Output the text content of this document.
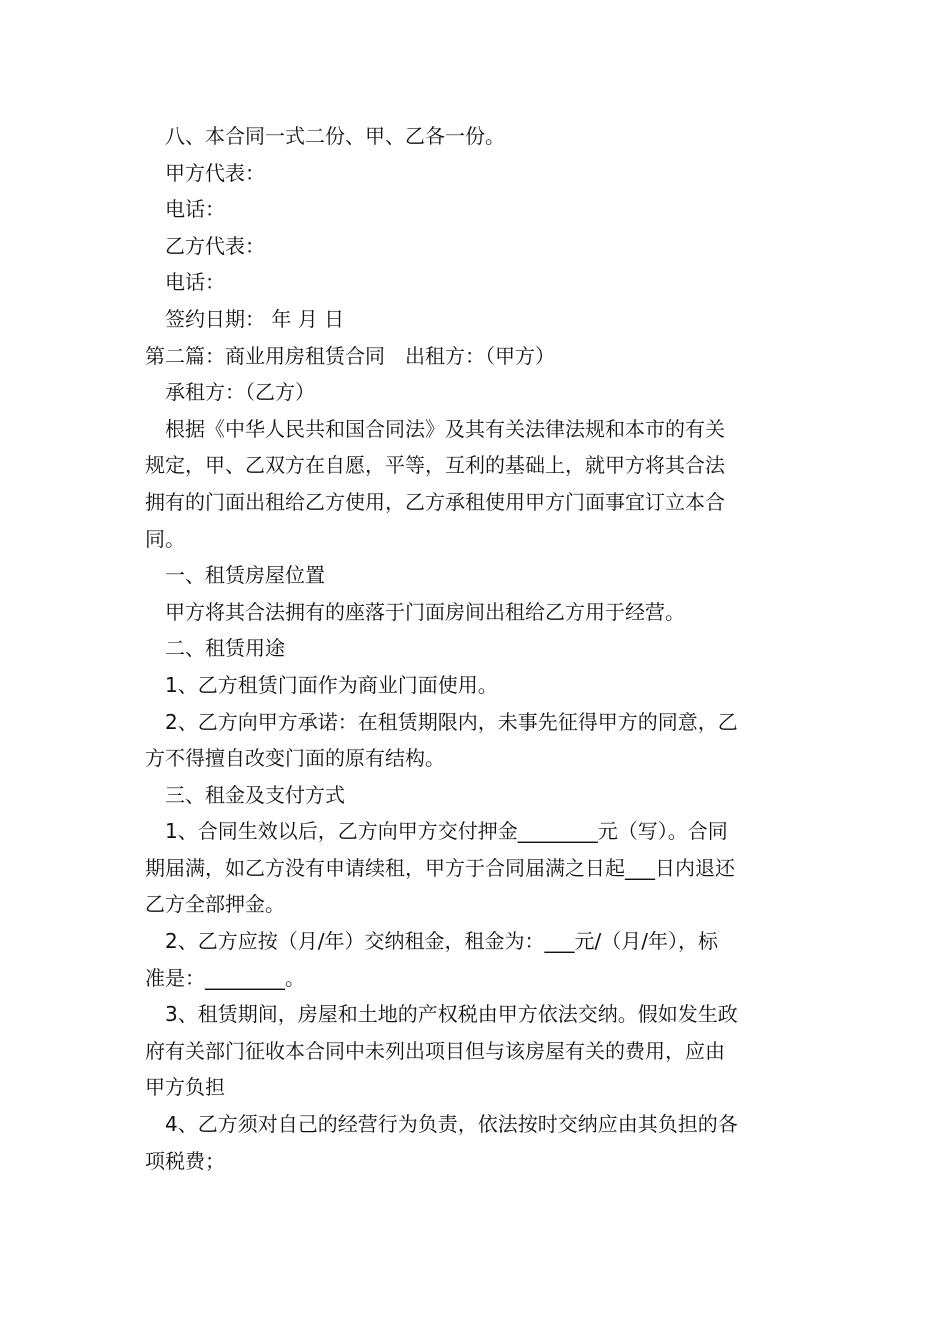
八、本合同一式二份、甲、乙各一份。
甲方代表：
电话：
乙方代表：
电话：
签约日期： 年 月 日
第二篇：商业用房租赁合同　出租方：（甲方）
承租方：（乙方）
根据《中华人民共和国合同法》及其有关法律法规和本市的有关
规定，甲、乙双方在自愿，平等，互利的基础上，就甲方将其合法
拥有的门面出租给乙方使用，乙方承租使用甲方门面事宜订立本合
同。
一、租赁房屋位置
甲方将其合法拥有的座落于门面房间出租给乙方用于经营。
二、租赁用途
1、乙方租赁门面作为商业门面使用。
2、乙方向甲方承诺：在租赁期限内，未事先征得甲方的同意，乙
方不得擅自改变门面的原有结构。
三、租金及支付方式
1、合同生效以后，乙方向甲方交付押金________元（写）。合同
期届满，如乙方没有申请续租，甲方于合同届满之日起___日内退还
乙方全部押金。
2、乙方应按（月/年）交纳租金，租金为：___元/（月/年），标
准是：________。
3、租赁期间，房屋和土地的产权税由甲方依法交纳。假如发生政
府有关部门征收本合同中未列出项目但与该房屋有关的费用，应由
甲方负担
4、乙方须对自己的经营行为负责，依法按时交纳应由其负担的各
项税费；
